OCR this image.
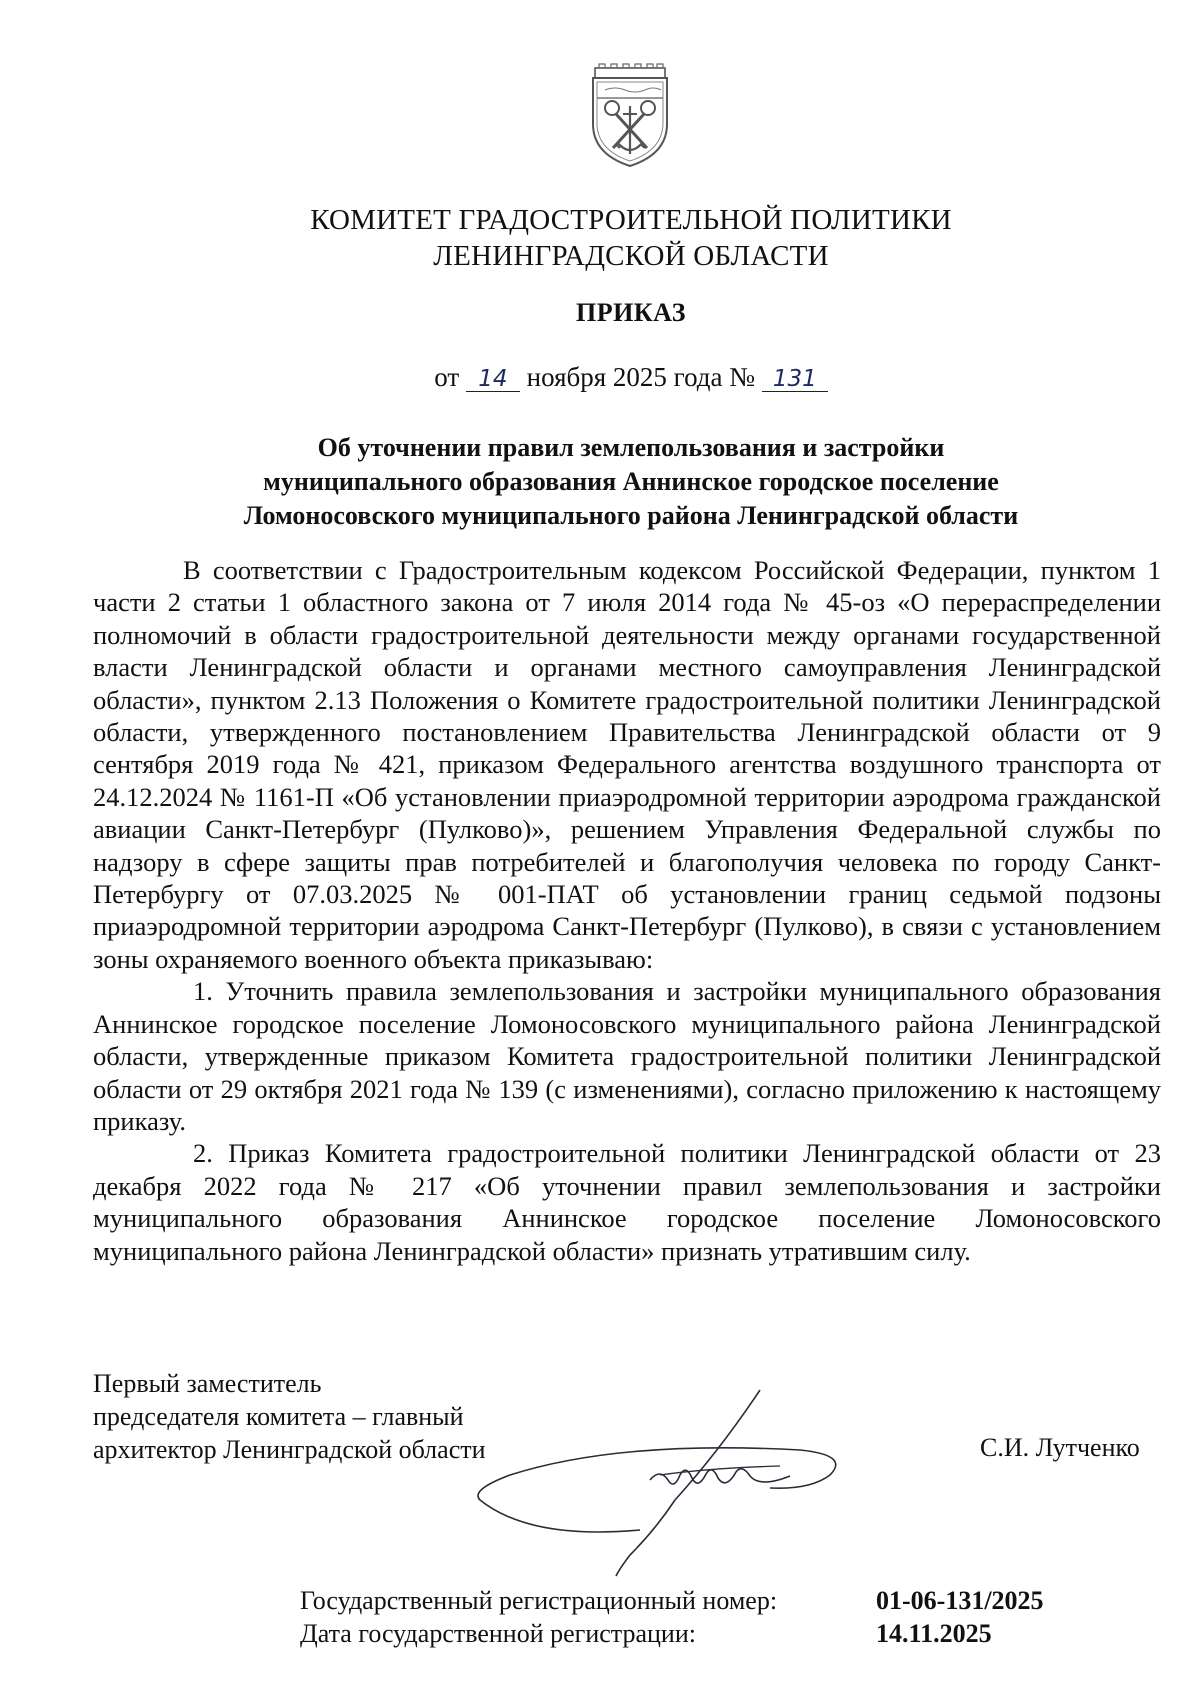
КОМИТЕТ ГРАДОСТРОИТЕЛЬНОЙ ПОЛИТИКИ
ЛЕНИНГРАДСКОЙ ОБЛАСТИ
ПРИКАЗ
от 14 ноября 2025 года № 131
Об уточнении правил землепользования и застройки
муниципального образования Аннинское городское поселение
Ломоносовского муниципального района Ленинградской области

В соответствии с Градостроительным кодексом Российской Федерации, пунктом 1 части 2 статьи 1 областного закона от 7 июля 2014 года № 45-оз «О перераспределении полномочий в области градостроительной деятельности между органами государственной власти Ленинградской области и органами местного самоуправления Ленинградской области», пунктом 2.13 Положения о Комитете градостроительной политики Ленинградской области, утвержденного постановлением Правительства Ленинградской области от 9 сентября 2019 года № 421, приказом Федерального агентства воздушного транспорта от 24.12.2024 № 1161-П «Об установлении приаэродромной территории аэродрома гражданской авиации Санкт-Петербург (Пулково)», решением Управления Федеральной службы по надзору в сфере защиты прав потребителей и благополучия человека по городу Санкт-Петербургу от 07.03.2025 № 001-ПАТ об установлении границ седьмой подзоны приаэродромной территории аэродрома Санкт-Петербург (Пулково), в связи с установлением зоны охраняемого военного объекта приказываю:

1. Уточнить правила землепользования и застройки муниципального образования Аннинское городское поселение Ломоносовского муниципального района Ленинградской области, утвержденные приказом Комитета градостроительной политики Ленинградской области от 29 октября 2021 года № 139 (с изменениями), согласно приложению к настоящему приказу.

2. Приказ Комитета градостроительной политики Ленинградской области от 23 декабря 2022 года № 217 «Об уточнении правил землепользования и застройки муниципального образования Аннинское городское поселение Ломоносовского муниципального района Ленинградской области» признать утратившим силу.

Первый заместитель
председателя комитета – главный
архитектор Ленинградской области	С.И. Лутченко
Государственный регистрационный номер:	01-06-131/2025
Дата государственной регистрации:	14.11.2025
